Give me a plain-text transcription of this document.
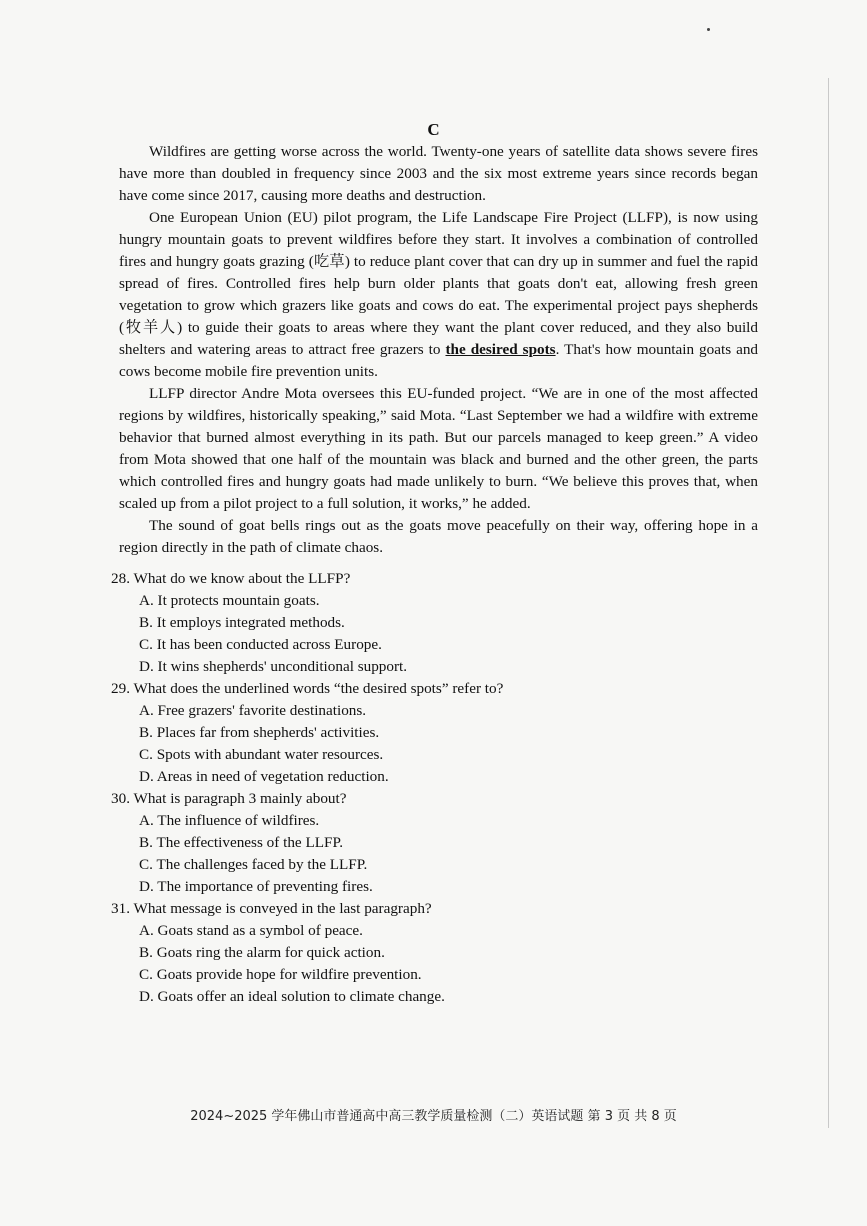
C

Wildfires are getting worse across the world. Twenty-one years of satellite data shows severe fires have more than doubled in frequency since 2003 and the six most extreme years since records began have come since 2017, causing more deaths and destruction.

One European Union (EU) pilot program, the Life Landscape Fire Project (LLFP), is now using hungry mountain goats to prevent wildfires before they start. It involves a combination of controlled fires and hungry goats grazing (吃草) to reduce plant cover that can dry up in summer and fuel the rapid spread of fires. Controlled fires help burn older plants that goats don't eat, allowing fresh green vegetation to grow which grazers like goats and cows do eat. The experimental project pays shepherds (牧羊人) to guide their goats to areas where they want the plant cover reduced, and they also build shelters and watering areas to attract free grazers to the desired spots. That's how mountain goats and cows become mobile fire prevention units.

LLFP director Andre Mota oversees this EU-funded project. “We are in one of the most affected regions by wildfires, historically speaking,” said Mota. “Last September we had a wildfire with extreme behavior that burned almost everything in its path. But our parcels managed to keep green.” A video from Mota showed that one half of the mountain was black and burned and the other green, the parts which controlled fires and hungry goats had made unlikely to burn. “We believe this proves that, when scaled up from a pilot project to a full solution, it works,” he added.

The sound of goat bells rings out as the goats move peacefully on their way, offering hope in a region directly in the path of climate chaos.

28. What do we know about the LLFP?
A. It protects mountain goats.
B. It employs integrated methods.
C. It has been conducted across Europe.
D. It wins shepherds' unconditional support.
29. What does the underlined words “the desired spots” refer to?
A. Free grazers' favorite destinations.
B. Places far from shepherds' activities.
C. Spots with abundant water resources.
D. Areas in need of vegetation reduction.
30. What is paragraph 3 mainly about?
A. The influence of wildfires.
B. The effectiveness of the LLFP.
C. The challenges faced by the LLFP.
D. The importance of preventing fires.
31. What message is conveyed in the last paragraph?
A. Goats stand as a symbol of peace.
B. Goats ring the alarm for quick action.
C. Goats provide hope for wildfire prevention.
D. Goats offer an ideal solution to climate change.
2024~2025 学年佛山市普通高中高三教学质量检测（二）英语试题 第 3 页 共 8 页
